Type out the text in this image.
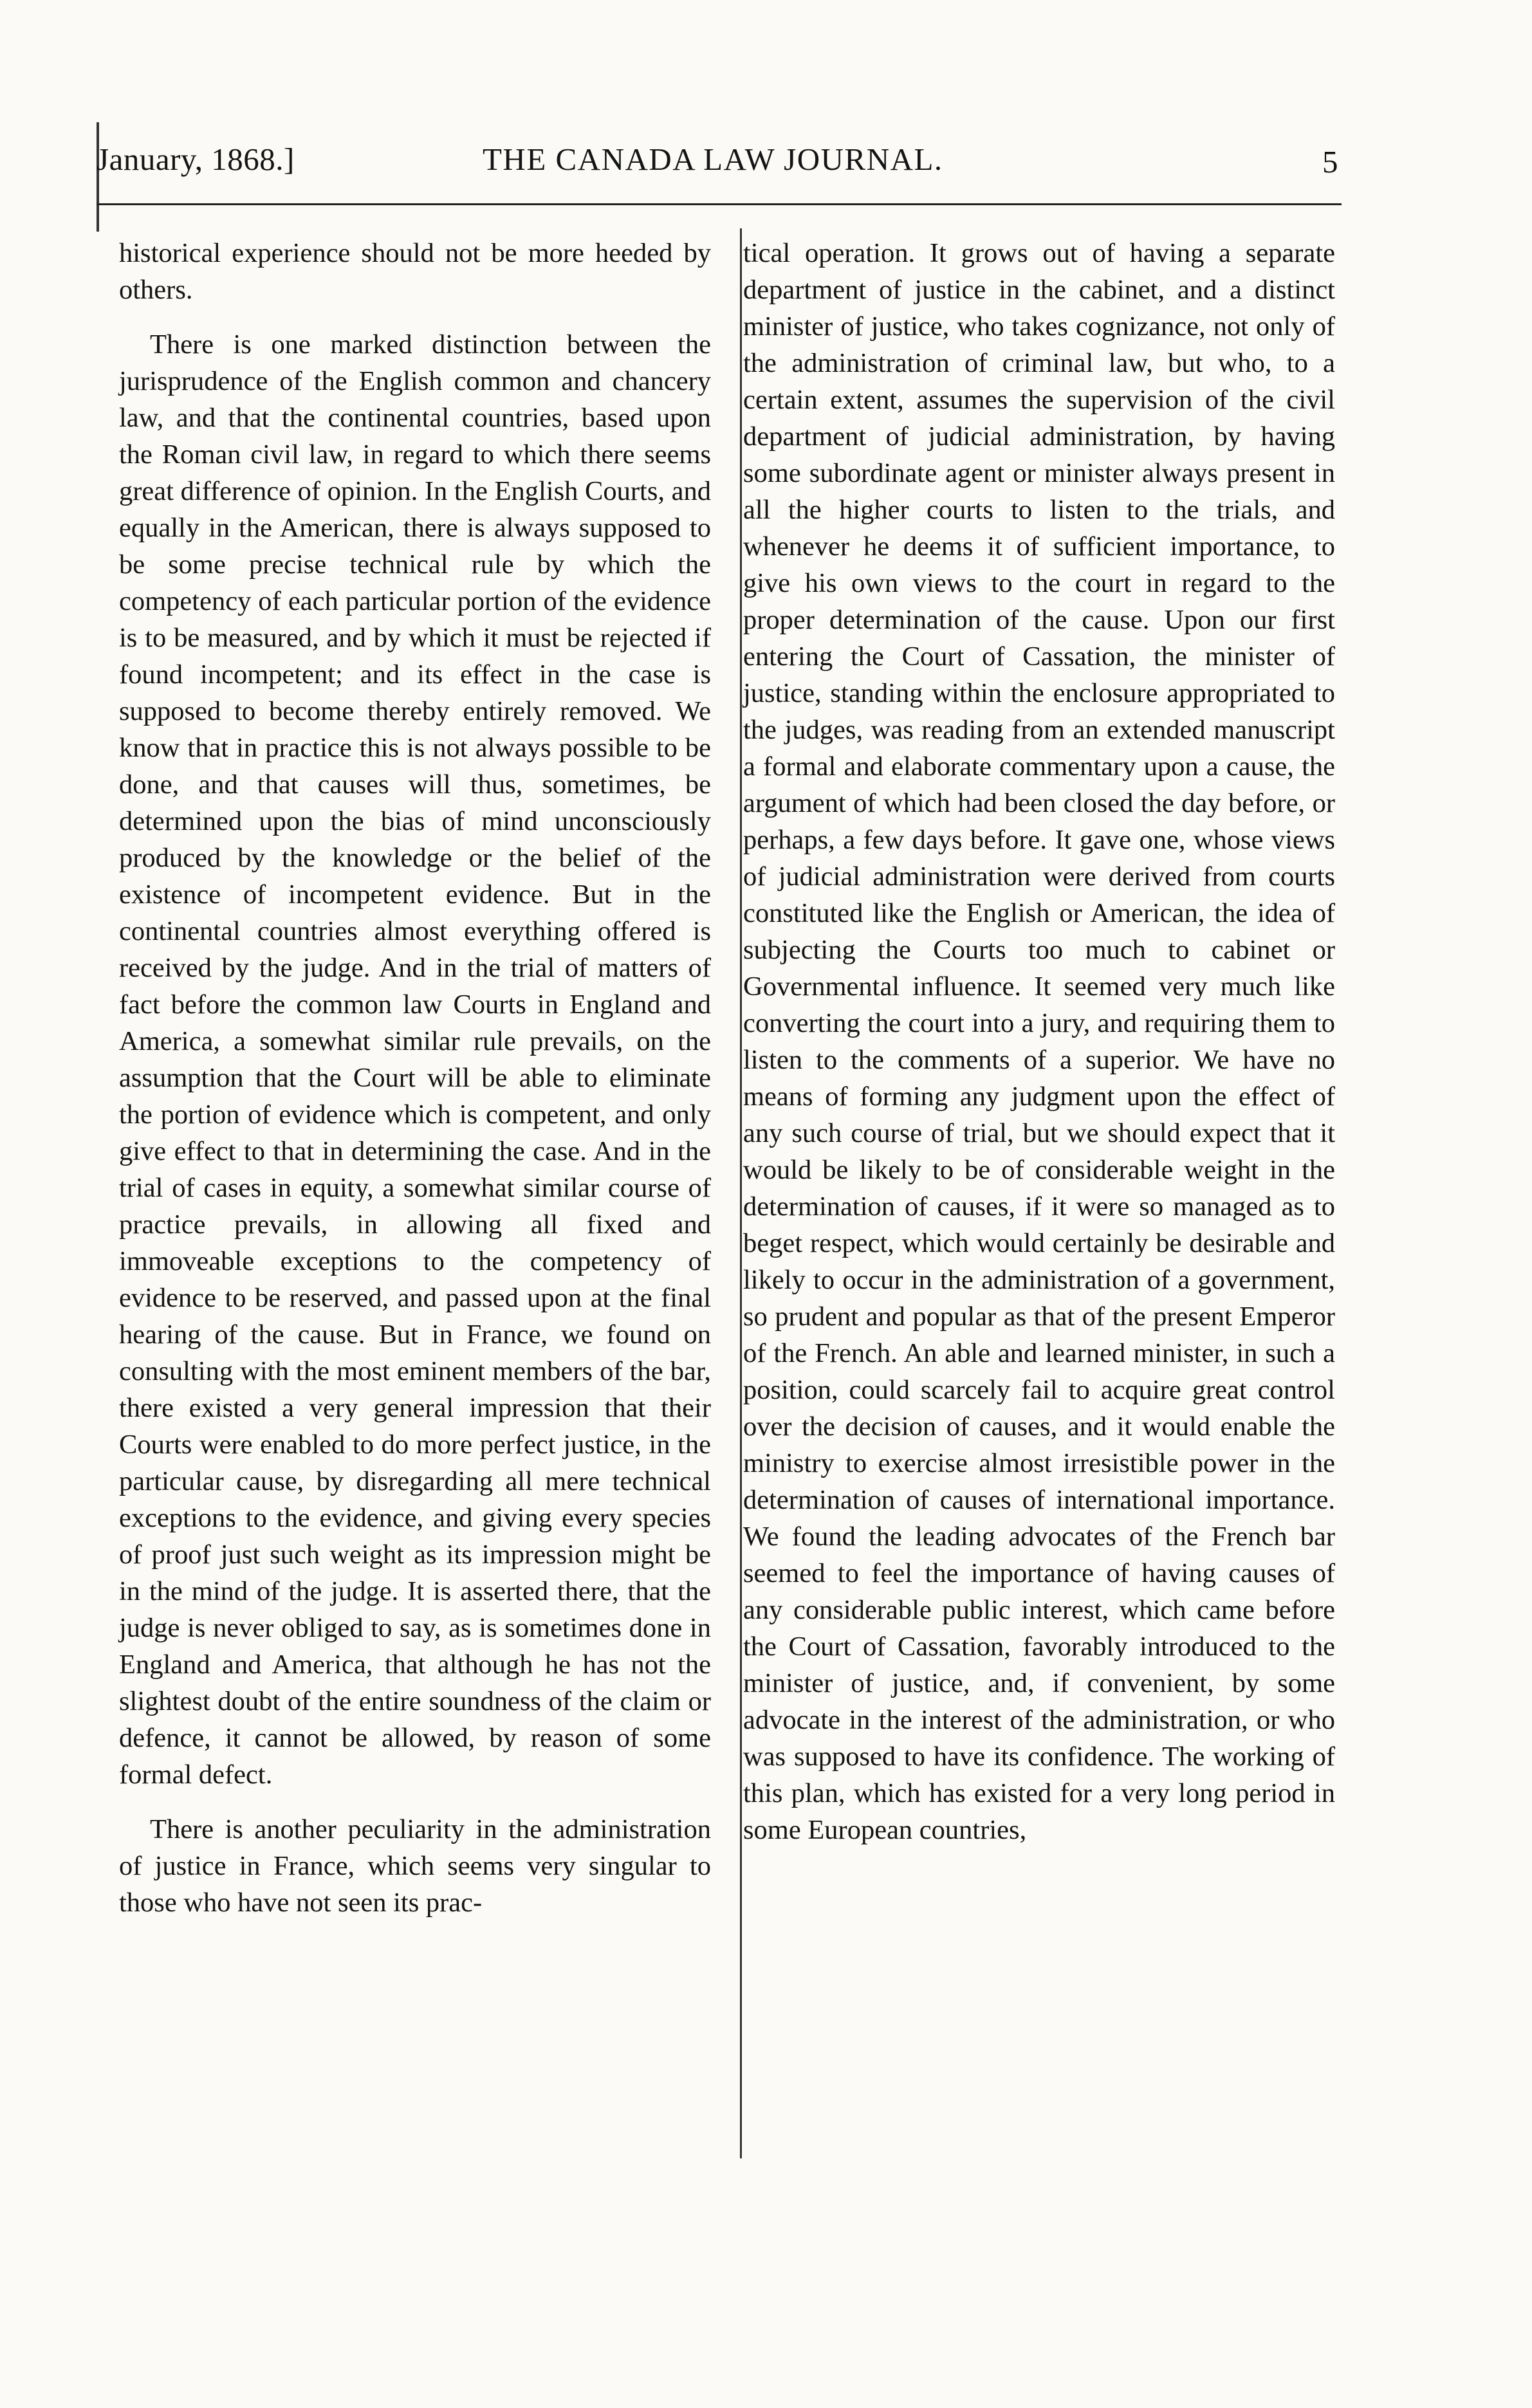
January, 1868.]	THE CANADA LAW JOURNAL.	5

historical experience should not be more heeded by others.

There is one marked distinction between the jurisprudence of the English common and chancery law, and that the continental countries, based upon the Roman civil law, in regard to which there seems great difference of opinion. In the English Courts, and equally in the American, there is always supposed to be some precise technical rule by which the competency of each particular portion of the evidence is to be measured, and by which it must be rejected if found incompetent; and its effect in the case is supposed to become thereby entirely removed. We know that in practice this is not always possible to be done, and that causes will thus, sometimes, be determined upon the bias of mind unconsciously produced by the knowledge or the belief of the existence of incompetent evidence. But in the continental countries almost everything offered is received by the judge. And in the trial of matters of fact before the common law Courts in England and America, a somewhat similar rule prevails, on the assumption that the Court will be able to eliminate the portion of evidence which is competent, and only give effect to that in determining the case. And in the trial of cases in equity, a somewhat similar course of practice prevails, in allowing all fixed and immoveable exceptions to the competency of evidence to be reserved, and passed upon at the final hearing of the cause. But in France, we found on consulting with the most eminent members of the bar, there existed a very general impression that their Courts were enabled to do more perfect justice, in the particular cause, by disregarding all mere technical exceptions to the evidence, and giving every species of proof just such weight as its impression might be in the mind of the judge. It is asserted there, that the judge is never obliged to say, as is sometimes done in England and America, that although he has not the slightest doubt of the entire soundness of the claim or defence, it cannot be allowed, by reason of some formal defect.

There is another peculiarity in the administration of justice in France, which seems very singular to those who have not seen its prac-

tical operation. It grows out of having a separate department of justice in the cabinet, and a distinct minister of justice, who takes cognizance, not only of the administration of criminal law, but who, to a certain extent, assumes the supervision of the civil department of judicial administration, by having some subordinate agent or minister always present in all the higher courts to listen to the trials, and whenever he deems it of sufficient importance, to give his own views to the court in regard to the proper determination of the cause. Upon our first entering the Court of Cassation, the minister of justice, standing within the enclosure appropriated to the judges, was reading from an extended manuscript a formal and elaborate commentary upon a cause, the argument of which had been closed the day before, or perhaps, a few days before. It gave one, whose views of judicial administration were derived from courts constituted like the English or American, the idea of subjecting the Courts too much to cabinet or Governmental influence. It seemed very much like converting the court into a jury, and requiring them to listen to the comments of a superior. We have no means of forming any judgment upon the effect of any such course of trial, but we should expect that it would be likely to be of considerable weight in the determination of causes, if it were so managed as to beget respect, which would certainly be desirable and likely to occur in the administration of a government, so prudent and popular as that of the present Emperor of the French. An able and learned minister, in such a position, could scarcely fail to acquire great control over the decision of causes, and it would enable the ministry to exercise almost irresistible power in the determination of causes of international importance. We found the leading advocates of the French bar seemed to feel the importance of having causes of any considerable public interest, which came before the Court of Cassation, favorably introduced to the minister of justice, and, if convenient, by some advocate in the interest of the administration, or who was supposed to have its confidence. The working of this plan, which has existed for a very long period in some European countries,
